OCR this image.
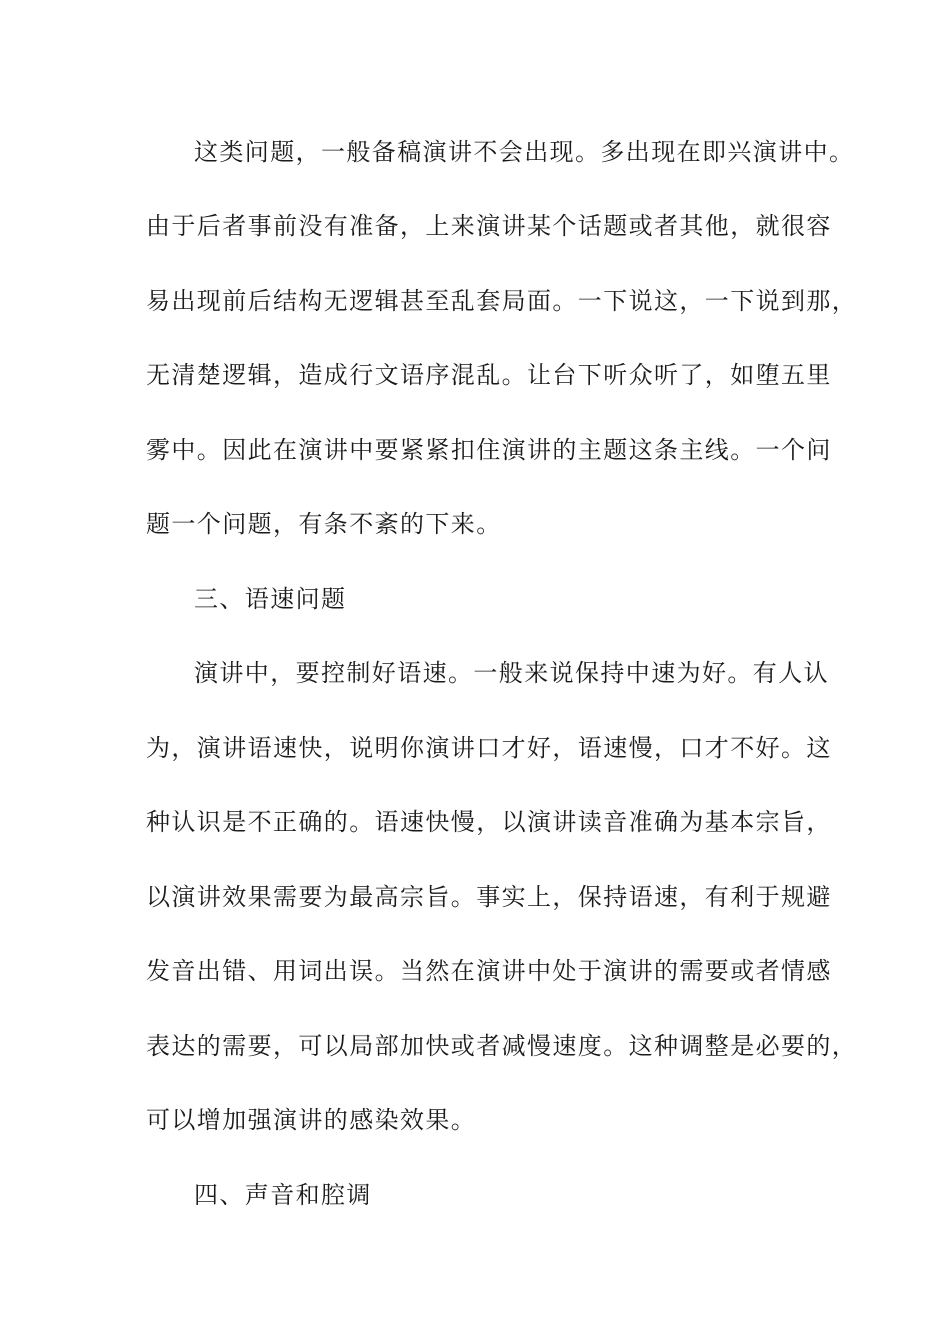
这类问题，一般备稿演讲不会出现。多出现在即兴演讲中。
由于后者事前没有准备，上来演讲某个话题或者其他，就很容
易出现前后结构无逻辑甚至乱套局面。一下说这，一下说到那，
无清楚逻辑，造成行文语序混乱。让台下听众听了，如堕五里
雾中。因此在演讲中要紧紧扣住演讲的主题这条主线。一个问
题一个问题，有条不紊的下来。
三、语速问题
演讲中，要控制好语速。一般来说保持中速为好。有人认
为，演讲语速快，说明你演讲口才好，语速慢，口才不好。这
种认识是不正确的。语速快慢，以演讲读音准确为基本宗旨，
以演讲效果需要为最高宗旨。事实上，保持语速，有利于规避
发音出错、用词出误。当然在演讲中处于演讲的需要或者情感
表达的需要，可以局部加快或者减慢速度。这种调整是必要的，
可以增加强演讲的感染效果。
四、声音和腔调
